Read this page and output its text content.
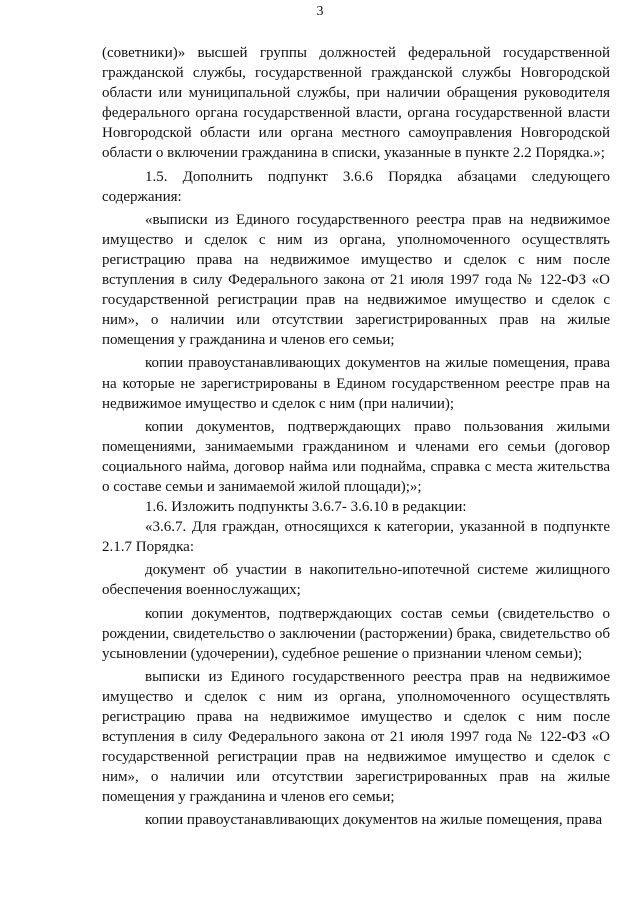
3

(советники)» высшей группы должностей федеральной государственной гражданской службы, государственной гражданской службы Новгородской области или муниципальной службы, при наличии обращения руководителя федерального органа государственной власти, органа государственной власти Новгородской области или органа местного самоуправления Новгородской области о включении гражданина в списки, указанные в пункте 2.2 Порядка.»;

1.5. Дополнить подпункт 3.6.6 Порядка абзацами следующего содержания:

«выписки из Единого государственного реестра прав на недвижимое имущество и сделок с ним из органа, уполномоченного осуществлять регистрацию права на недвижимое имущество и сделок с ним после вступления в силу Федерального закона от 21 июля 1997 года № 122-ФЗ «О государственной регистрации прав на недвижимое имущество и сделок с ним», о наличии или отсутствии зарегистрированных прав на жилые помещения у гражданина и членов его семьи;

копии правоустанавливающих документов на жилые помещения, права на которые не зарегистрированы в Едином государственном реестре прав на недвижимое имущество и сделок с ним (при наличии);

копии документов, подтверждающих право пользования жилыми помещениями, занимаемыми гражданином и членами его семьи (договор социального найма, договор найма или поднайма, справка с места жительства о составе семьи и занимаемой жилой площади);»;

1.6. Изложить подпункты 3.6.7- 3.6.10 в редакции:

«3.6.7. Для граждан, относящихся к категории, указанной в подпункте 2.1.7 Порядка:

документ об участии в накопительно-ипотечной системе жилищного обеспечения военнослужащих;

копии документов, подтверждающих состав семьи (свидетельство о рождении, свидетельство о заключении (расторжении) брака, свидетельство об усыновлении (удочерении), судебное решение о признании членом семьи);

выписки из Единого государственного реестра прав на недвижимое имущество и сделок с ним из органа, уполномоченного осуществлять регистрацию права на недвижимое имущество и сделок с ним после вступления в силу Федерального закона от 21 июля 1997 года № 122-ФЗ «О государственной регистрации прав на недвижимое имущество и сделок с ним», о наличии или отсутствии зарегистрированных прав на жилые помещения у гражданина и членов его семьи;

копии правоустанавливающих документов на жилые помещения, права
